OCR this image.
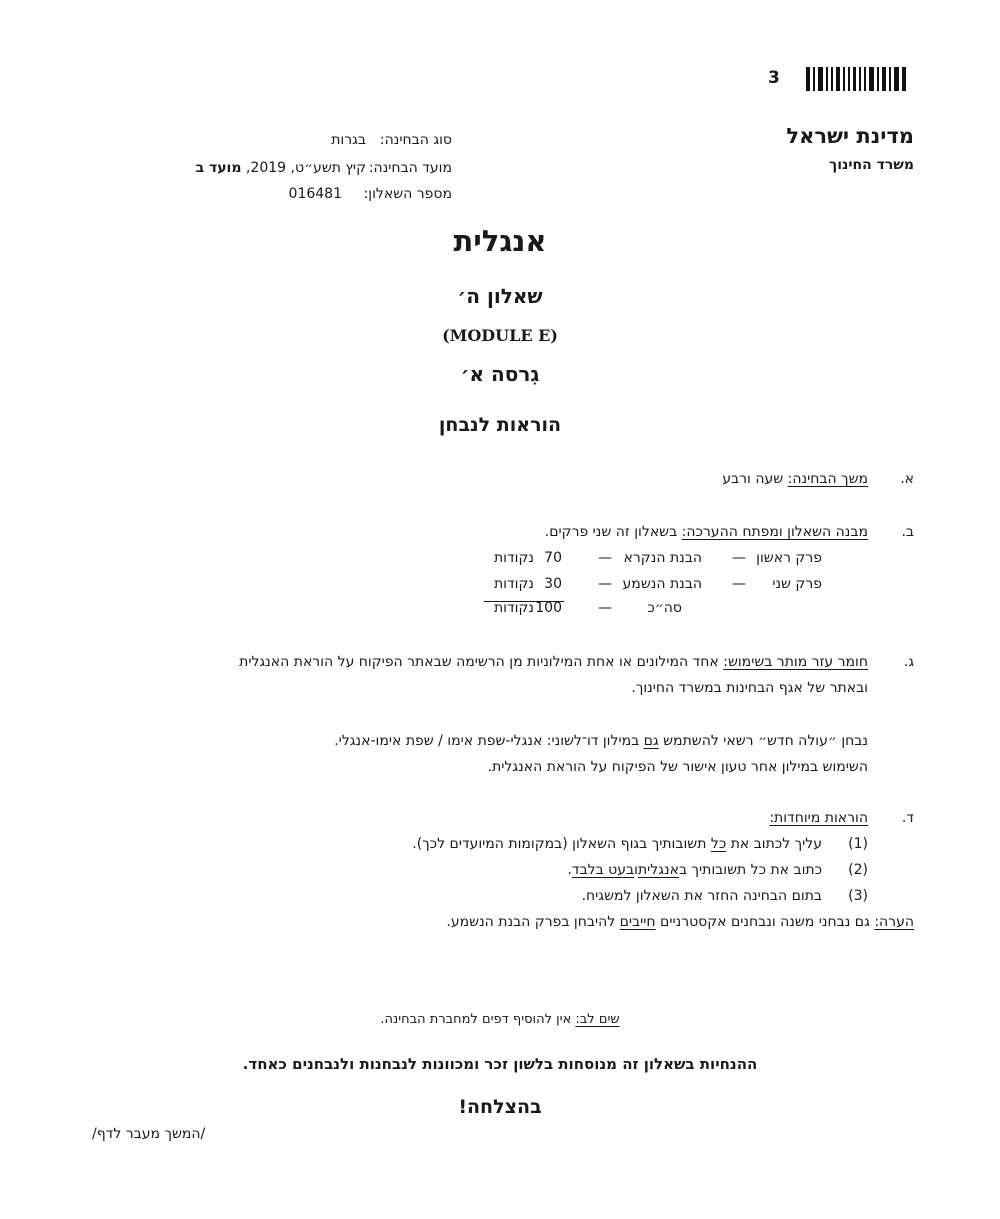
3
מדינת ישראל
משרד החינוך
סוג הבחינה:
בגרות
מועד הבחינה:
קיץ תשע״ט, 2019, מועד ב
מספר השאלון:
016481
אנגלית
שאלון ה׳
(MODULE E)
גִרסה א׳
הוראות לנבחן
א.
משך הבחינה: שעה ורבע
ב.
מבנה השאלון ומפתח ההערכה: בשאלון זה שני פרקים.
פרק ראשון
—
הבנת הנקרא
—
70
נקודות
פרק שני
—
הבנת הנשמע
—
30
נקודות
סה״כ
—
100
נקודות
ג.
חומר עזר מותר בשימוש: אחד המילונים או אחת המילוניות מן הרשימה שבאתר הפיקוח על הוראת האנגלית
ובאתר של אגף הבחינות במשרד החינוך.
נבחן ״עולה חדש״ רשאי להשתמש גם במילון דו־לשוני: אנגלי-שפת אימו / שפת אימו-אנגלי.
השימוש במילון אחר טעון אישור של הפיקוח על הוראת האנגלית.
ד.
הוראות מיוחדות:
(1)
עליך לכתוב את כל תשובותיך בגוף השאלון (במקומות המיועדים לכך).
(2)
כתוב את כל תשובותיך באנגליתובעט בלבד.
(3)
בתום הבחינה החזר את השאלון למשגיח.
הערה: גם נבחני משנה ונבחנים אקסטרניים חייבים להיבחן בפרק הבנת הנשמע.
שים לב: אין להוסיף דפים למחברת הבחינה.
ההנחיות בשאלון זה מנוסחות בלשון זכר ומכוונות לנבחנות ולנבחנים כאחד.
בהצלחה!
/המשך מעבר לדף/
